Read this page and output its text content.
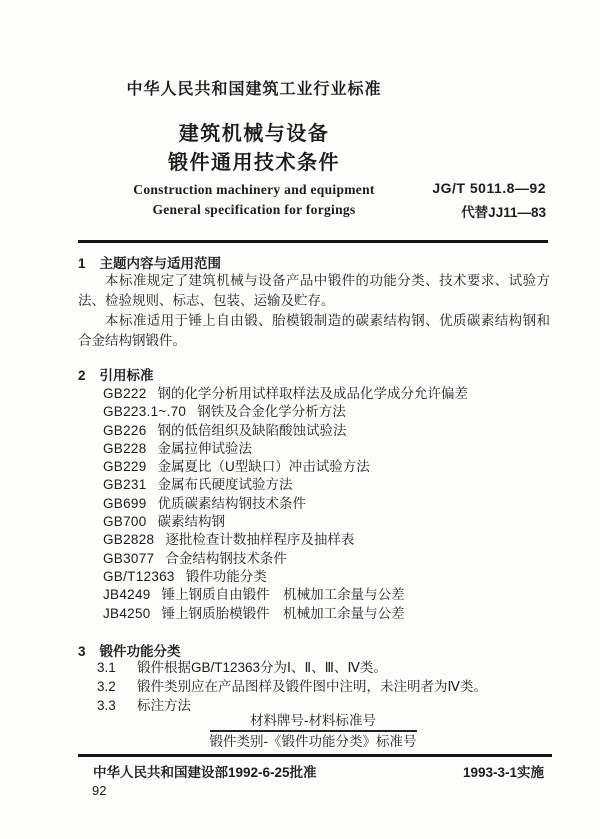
中华人民共和国建筑工业行业标准
建筑机械与设备
锻件通用技术条件
Construction machinery and equipment
General specification for forgings
JG/T 5011.8—92
代替JJ11—83
1 主题内容与适用范围

本标准规定了建筑机械与设备产品中锻件的功能分类、技术要求、试验方法、检验规则、标志、包装、运输及贮存。

本标准适用于锤上自由锻、胎模锻制造的碳素结构钢、优质碳素结构钢和合金结构钢锻件。

2 引用标准
GB222 钢的化学分析用试样取样法及成品化学成分允许偏差
GB223.1~.70 钢铁及合金化学分析方法
GB226 钢的低倍组织及缺陷酸蚀试验法
GB228 金属拉伸试验法
GB229 金属夏比（U型缺口）冲击试验方法
GB231 金属布氏硬度试验方法
GB699 优质碳素结构钢技术条件
GB700 碳素结构钢
GB2828 逐批检查计数抽样程序及抽样表
GB3077 合金结构钢技术条件
GB/T12363 锻件功能分类
JB4249 锤上钢质自由锻件　机械加工余量与公差
JB4250 锤上钢质胎模锻件　机械加工余量与公差
3 锻件功能分类
3.1 锻件根据GB/T12363分为Ⅰ、Ⅱ、Ⅲ、Ⅳ类。
3.2 锻件类别应在产品图样及锻件图中注明，未注明者为Ⅳ类。
3.3 标注方法
$\frac{\text{材料牌号-材料标准号}}{\text{锻件类别-《锻件功能分类》标准号}}$
中华人民共和国建设部1992-6-25批准	1993-3-1实施
92
